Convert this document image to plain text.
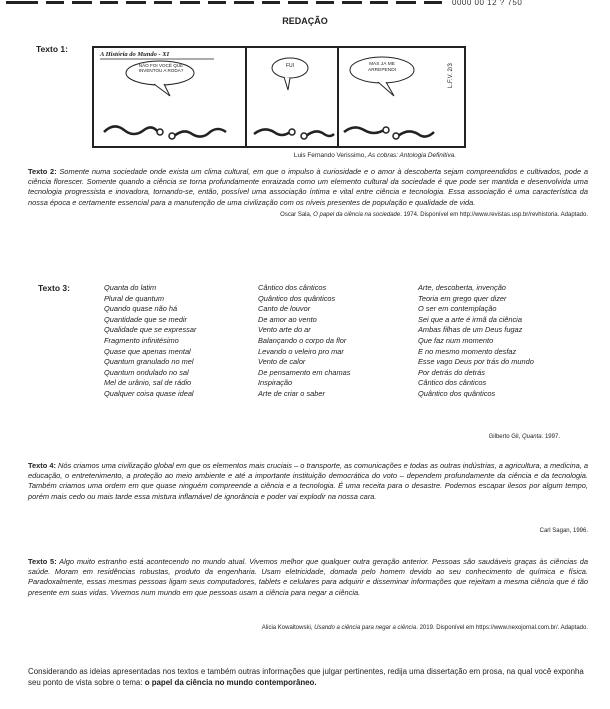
0000 00 12 ? 750
REDAÇÃO
Texto 1:
L.F.V. 2/3
A História do Mundo - XI
NÃO FOI VOCÊ QUE INVENTOU A RODA?
FUI	MAS JÁ ME ARREPENDI
Luis Fernando Verissimo, As cobras: Antologia Definitiva.
Texto 2: Somente numa sociedade onde exista um clima cultural, em que o impulso à curiosidade e o amor à descoberta sejam compreendidos e cultivados, pode a ciência florescer. Somente quando a ciência se torna profundamente enraizada como um elemento cultural da sociedade é que pode ser mantida e desenvolvida uma tecnologia progressista e inovadora, tornando-se, então, possível uma associação íntima e vital entre ciência e tecnologia. Essa associação é uma característica da nossa época e certamente essencial para a manutenção de uma civilização com os níveis presentes de população e qualidade de vida.
Oscar Sala, O papel da ciência na sociedade. 1974. Disponível em http://www.revistas.usp.br/revhistoria. Adaptado.
Texto 3:	Quanta do latim
Plural de quantum
Quando quase não há
Quantidade que se medir
Qualidade que se expressar
Fragmento infinitésimo
Quase que apenas mental
Quantum granulado no mel
Quantum ondulado no sal
Mel de urânio, sal de rádio
Qualquer coisa quase ideal
Cântico dos cânticos
Quântico dos quânticos
Canto de louvor
De amor ao vento
Vento arte do ar
Balançando o corpo da flor
Levando o veleiro pro mar
Vento de calor
De pensamento em chamas
Inspiração
Arte de criar o saber
Arte, descoberta, invenção
Teoria em grego quer dizer
O ser em contemplação
Sei que a arte é irmã da ciência
Ambas filhas de um Deus fugaz
Que faz num momento
E no mesmo momento desfaz
Esse vago Deus por trás do mundo
Por detrás do detrás
Cântico dos cânticos
Quântico dos quânticos
Gilberto Gil, Quanta. 1997.
Texto 4: Nós criamos uma civilização global em que os elementos mais cruciais – o transporte, as comunicações e todas as outras indústrias, a agricultura, a medicina, a educação, o entretenimento, a proteção ao meio ambiente e até a importante instituição democrática do voto – dependem profundamente da ciência e da tecnologia. Também criamos uma ordem em que quase ninguém compreende a ciência e a tecnologia. É uma receita para o desastre. Podemos escapar ilesos por algum tempo, porém mais cedo ou mais tarde essa mistura inflamável de ignorância e poder vai explodir na nossa cara.
Carl Sagan, 1996.
Texto 5: Algo muito estranho está acontecendo no mundo atual. Vivemos melhor que qualquer outra geração anterior. Pessoas são saudáveis graças às ciências da saúde. Moram em residências robustas, produto da engenharia. Usam eletricidade, domada pelo homem devido ao seu conhecimento de química e física. Paradoxalmente, essas mesmas pessoas ligam seus computadores, tablets e celulares para adquirir e disseminar informações que rejeitam a mesma ciência que é tão presente em suas vidas. Vivemos num mundo em que pessoas usam a ciência para negar a ciência.
Alicia Kowaltowski, Usando a ciência para negar a ciência. 2019. Disponível em https://www.nexojornal.com.br/. Adaptado.
Considerando as ideias apresentadas nos textos e também outras informações que julgar pertinentes, redija uma dissertação em prosa, na qual você exponha seu ponto de vista sobre o tema: o papel da ciência no mundo contemporâneo.
